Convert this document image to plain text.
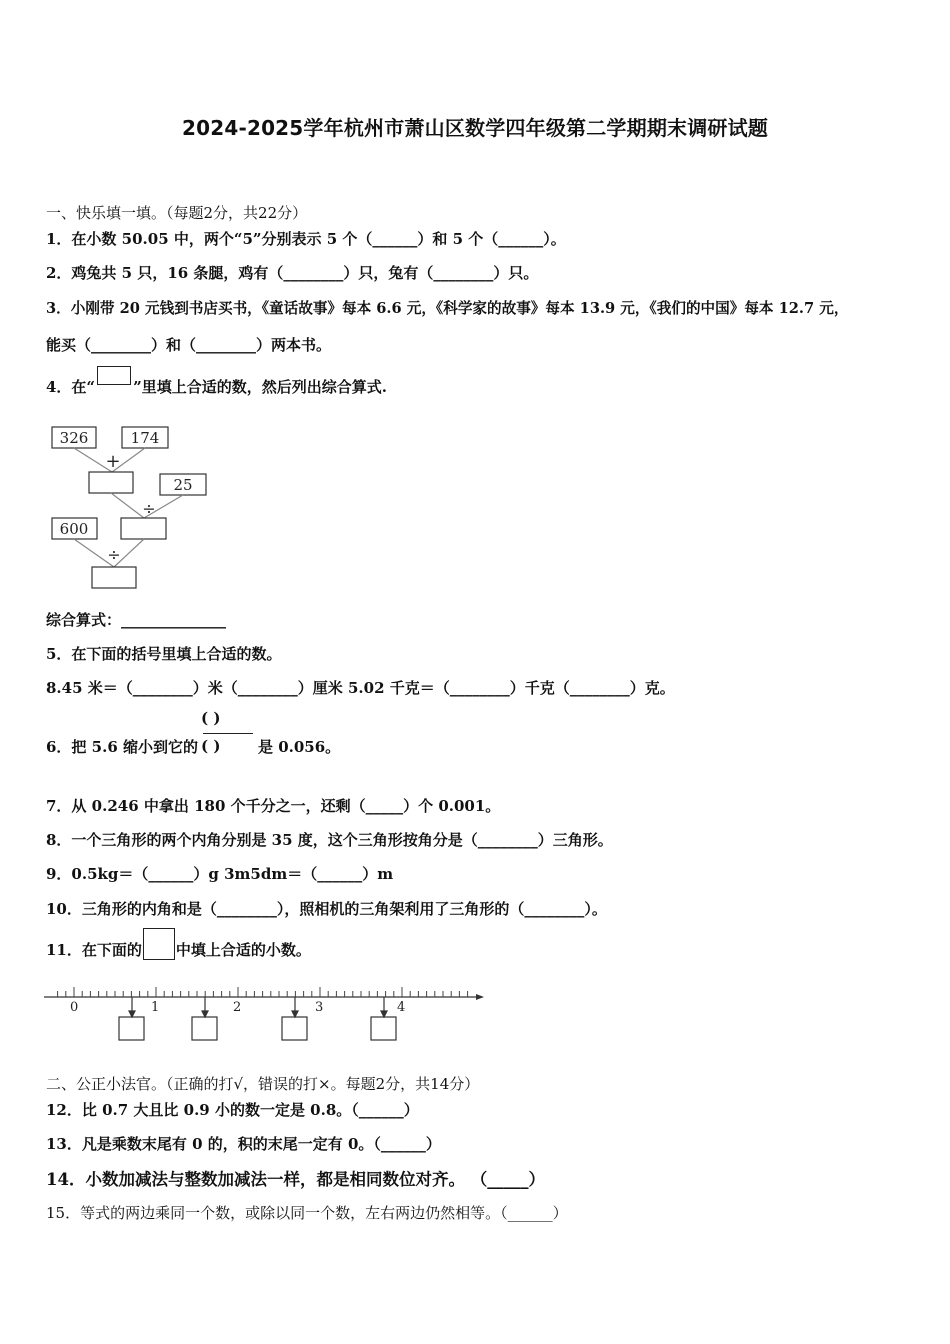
2024-2025学年杭州市萧山区数学四年级第二学期期末调研试题
一、快乐填一填。（每题2分，共22分）
1．在小数 50.05 中，两个“5”分别表示 5 个（______）和 5 个（______）。
2．鸡兔共 5 只，16 条腿，鸡有（________）只，兔有（________）只。
3．小刚带 20 元钱到书店买书，《童话故事》每本 6.6 元，《科学家的故事》每本 13.9 元，《我们的中国》每本 12.7 元，
能买（________）和（________）两本书。
4．在“	”里填上合适的数，然后列出综合算式.
326	174
+
25
÷
600
÷
综合算式：______________
5．在下面的括号里填上合适的数。
8.45 米＝（________）米（________）厘米 5.02 千克＝（________）千克（________）克。
( )
( )
6．把 5.6 缩小到它的	是 0.056。
7．从 0.246 中拿出 180 个千分之一，还剩（_____）个 0.001。
8．一个三角形的两个内角分别是 35 度，这个三角形按角分是（________）三角形。
9．0.5kg＝（______）g 3m5dm＝（______）m
10．三角形的内角和是（________），照相机的三角架利用了三角形的（________）。
11．在下面的 中填上合适的小数。
0	1	2	3	4
二、公正小法官。（正确的打√，错误的打×。每题2分，共14分）
12．比 0.7 大且比 0.9 小的数一定是 0.8。（______）
13．凡是乘数末尾有 0 的，积的末尾一定有 0。（______）
14．小数加减法与整数加减法一样，都是相同数位对齐。 （_____）
15．等式的两边乘同一个数，或除以同一个数，左右两边仍然相等。（______）
